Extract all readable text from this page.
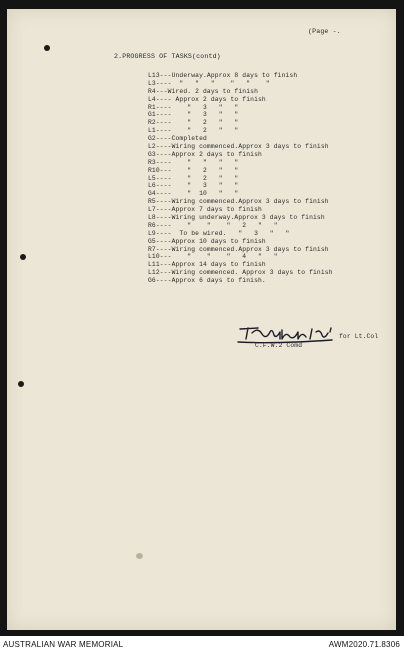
(Page -.
2.PROGRESS OF TASKS(contd)
L13---Underway.Approx 8 days to finish
L3----  "   "   "    "   "    "
R4---Wired. 2 days to finish
L4---- Approx 2 days to finish
R1----    "   3   "   "
G1----    "   3   "   "
R2----    "   2   "   "
L1----    "   2   "   "
G2----Completed
L2----Wiring commenced.Approx 3 days to finish
G3----Approx 2 days to finish
R3----    "   "   "   "
R10---    "   2   "   "
L5----    "   2   "   "
L6----    "   3   "   "
G4----    "  10   "   "
R5----Wiring commenced.Approx 3 days to finish
L7----Approx 7 days to finish
L8----Wiring underway.Approx 3 days to finish
R6----    "    "    "   2   "   "
L9----  To be wired.   "   3   "   "
G5----Approx 10 days to finish
R7----Wiring commenced.Approx 3 days to finish
L10---    "    "    "   4   "   "
L11---Approx 14 days to finish
L12---Wiring commenced. Approx 3 days to finish
G6----Approx 6 days to finish.
for Lt.Col
C.F.W.2 Comd
AUSTRALIAN WAR MEMORIAL	AWM2020.71.8306
